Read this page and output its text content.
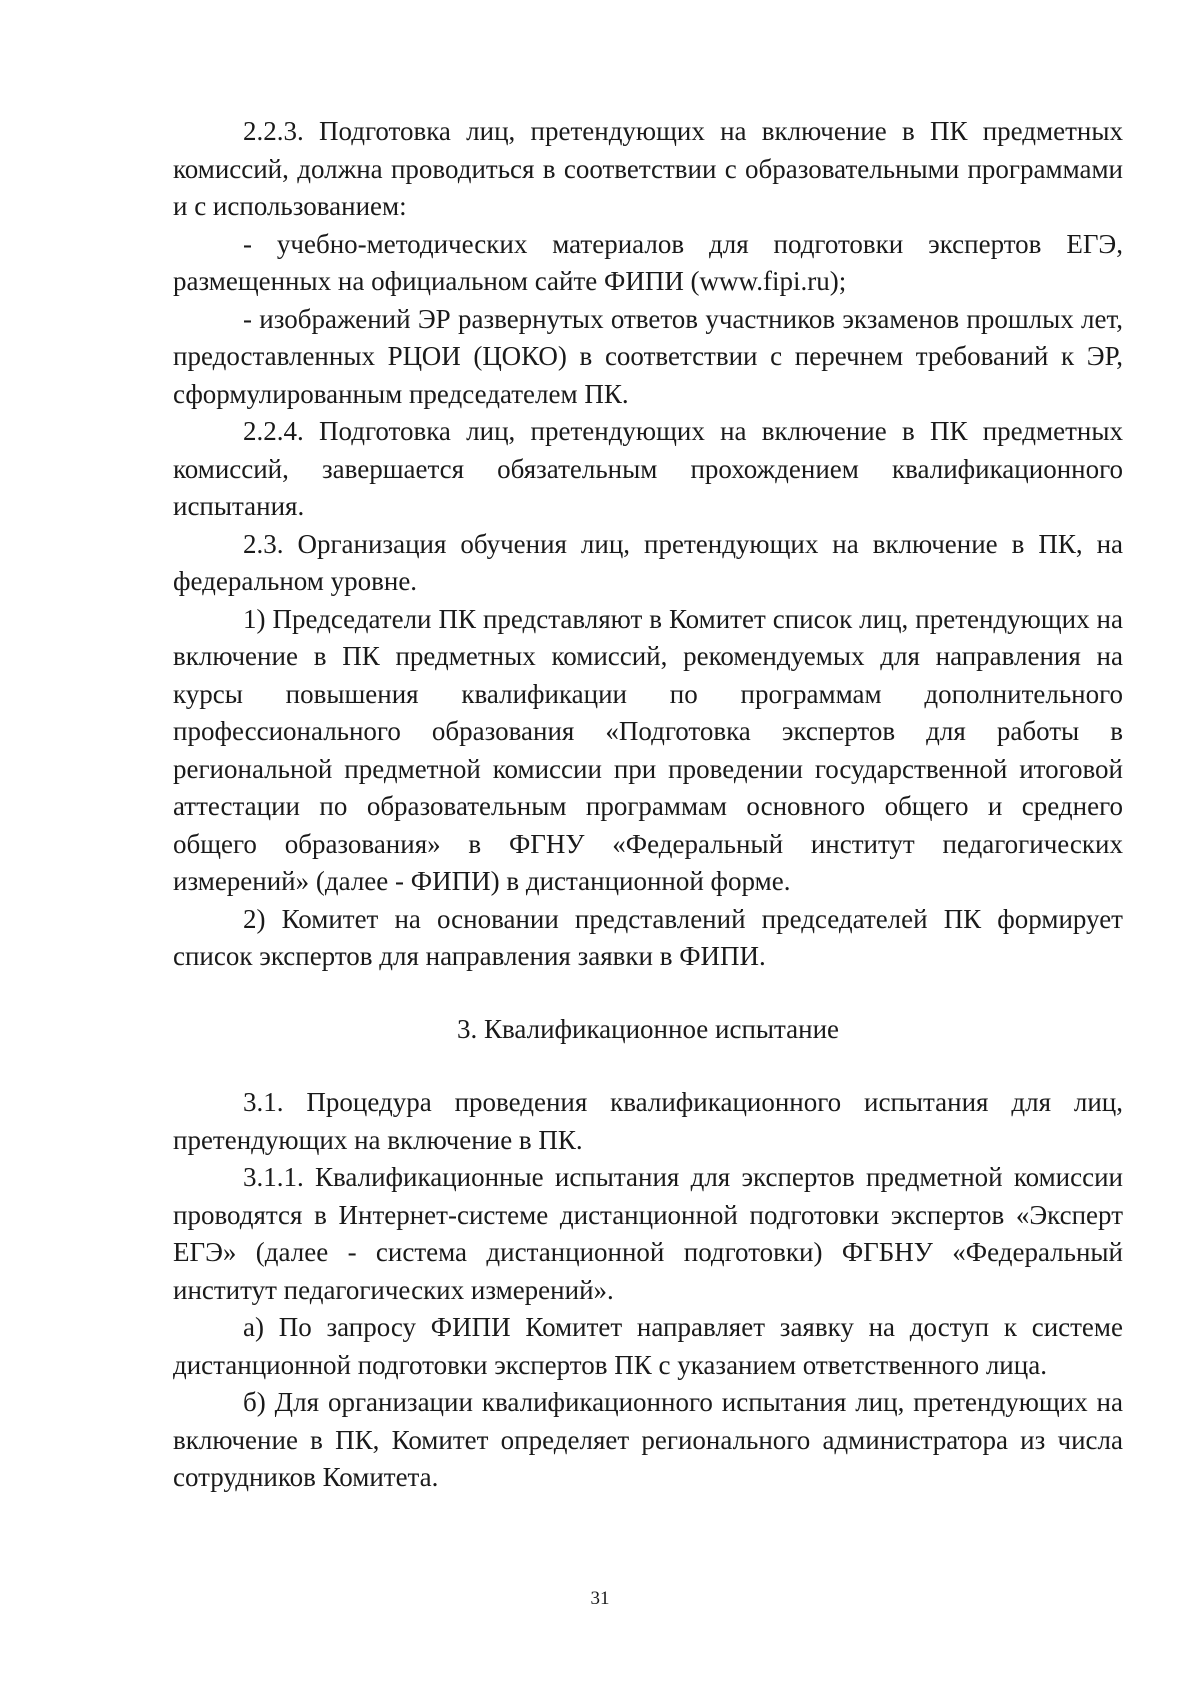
2.2.3. Подготовка лиц, претендующих на включение в ПК предметных комиссий, должна проводиться в соответствии с образовательными программами и с использованием:

- учебно-методических материалов для подготовки экспертов ЕГЭ, размещенных на официальном сайте ФИПИ (www.fipi.ru);

- изображений ЭР развернутых ответов участников экзаменов прошлых лет, предоставленных РЦОИ (ЦОКО) в соответствии с перечнем требований к ЭР, сформулированным председателем ПК.

2.2.4. Подготовка лиц, претендующих на включение в ПК предметных комиссий, завершается обязательным прохождением квалификационного испытания.

2.3. Организация обучения лиц, претендующих на включение в ПК, на федеральном уровне.

1) Председатели ПК представляют в Комитет список лиц, претендующих на включение в ПК предметных комиссий, рекомендуемых для направления на курсы повышения квалификации по программам дополнительного профессионального образования «Подготовка экспертов для работы в региональной предметной комиссии при проведении государственной итоговой аттестации по образовательным программам основного общего и среднего общего образования» в ФГНУ «Федеральный институт педагогических измерений» (далее - ФИПИ) в дистанционной форме.

2) Комитет на основании представлений председателей ПК формирует список экспертов для направления заявки в ФИПИ.

3. Квалификационное испытание

3.1. Процедура проведения квалификационного испытания для лиц, претендующих на включение в ПК.

3.1.1. Квалификационные испытания для экспертов предметной комиссии проводятся в Интернет-системе дистанционной подготовки экспертов «Эксперт ЕГЭ» (далее - система дистанционной подготовки) ФГБНУ «Федеральный институт педагогических измерений».

а) По запросу ФИПИ Комитет направляет заявку на доступ к системе дистанционной подготовки экспертов ПК с указанием ответственного лица.

б) Для организации квалификационного испытания лиц, претендующих на включение в ПК, Комитет определяет регионального администратора из числа сотрудников Комитета.

31
